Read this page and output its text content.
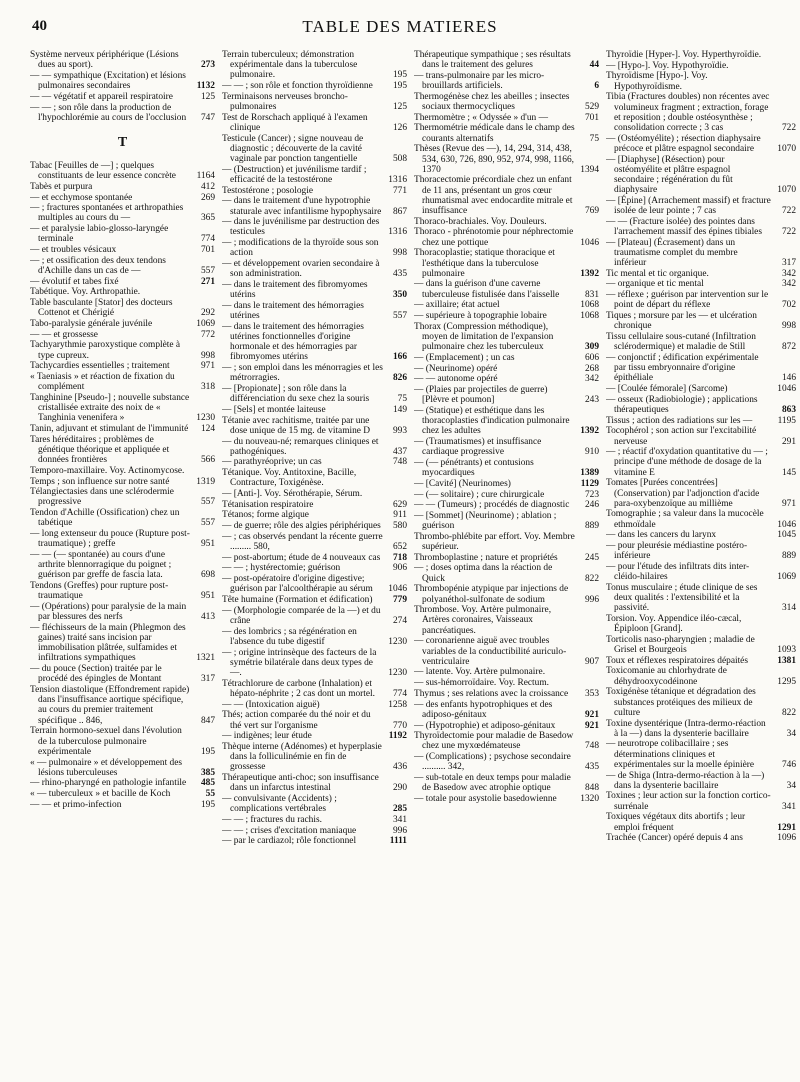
40	TABLE DES MATIERES
Système nerveux périphérique (Lésions dues au sport).	273
— — sympathique (Excitation) et lésions pulmonaires secondaires	1132
— — végétatif et appareil respiratoire	125
— — ; son rôle dans la production de l'hypochlorémie au cours de l'occlusion	747
T
Tabac [Feuilles de —] ; quelques constituants de leur essence concrète	1164
Tabès et purpura	412
— et ecchymose spontanée	269
— ; fractures spontanées et arthropathies multiples au cours du —	365
— et paralysie labio-glosso-laryngée terminale	774
— et troubles vésicaux	701
— ; et ossification des deux tendons d'Achille dans un cas de —	557
— évolutif et tabes fixé	271
Tabétique. Voy. Arthropathie.
Table basculante [Stator] des docteurs Cottenot et Chérigié	292
Tabo-paralysie générale juvénile	1069
— — et grossesse	772
Tachyarythmie paroxystique complète à type cupreux.	998
Tachycardies essentielles ; traitement	971
« Taeniasis » et réaction de fixation du complément	318
Tanghinine [Pseudo-] ; nouvelle substance cristallisée extraite des noix de « Tanghinia venenifera »	1230
Tanin, adjuvant et stimulant de l'immunité 124
Tares héréditaires ; problèmes de génétique théorique et appliquée et données frontières	566
Temporo-maxillaire. Voy. Actinomycose.
Temps ; son influence sur notre santé	1319
Télangiectasies dans une sclérodermie progressive	557
Tendon d'Achille (Ossification) chez un tabétique	557
— long extenseur du pouce (Rupture post-traumatique) ; greffe	951
— — (— spontanée) au cours d'une arthrite blennorragique du poignet ; guérison par greffe de fascia lata.	698
Tendons (Greffes) pour rupture post-traumatique	951
— (Opérations) pour paralysie de la main par blessures des nerfs	413
— fléchisseurs de la main (Phlegmon des gaines) traité sans incision par immobilisation plâtrée, sulfamides et infiltrations sympathiques	1321
— du pouce (Section) traitée par le procédé des épingles de Montant	317
Tension diastolique (Effondrement rapide) dans l'insuffisance aortique spécifique, au cours du premier traitement spécifique .. 846,	847
Terrain hormono-sexuel dans l'évolution de la tuberculose pulmonaire expérimentale	195
« — pulmonaire » et développement des lésions tuberculeuses	385
— rhino-pharyngé en pathologie infantile	485
« — tuberculeux » et bacille de Koch	55
— — et primo-infection	195
Terrain tuberculeux; démonstration expérimentale dans la tuberculose pulmonaire.	195
— — ; son rôle et fonction thyroïdienne	195
Terminaisons nerveuses broncho-pulmonaires	125
Test de Rorschach appliqué à l'examen clinique	126
Testicule (Cancer) ; signe nouveau de diagnostic ; découverte de la cavité vaginale par ponction tangentielle	508
— (Destruction) et juvénilisme tardif ; efficacité de la testostérone	1316
Testostérone ; posologie	771
— dans le traitement d'une hypotrophie staturale avec infantilisme hypophysaire 867
— dans le juvénilisme par destruction des testicules	1316
— ; modifications de la thyroïde sous son action	998
— et développement ovarien secondaire à son administration.	435
— dans le traitement des fibromyomes utérins	350
— dans le traitement des hémorragies utérines	557
— dans le traitement des hémorragies utérines fonctionnelles d'origine hormonale et des hémorragies par fibromyomes utérins	166
— ; son emploi dans les ménorragies et les métrorragies.	826
— [Propionate] ; son rôle dans la différenciation du sexe chez la souris	75
— [Sels] et montée laiteuse	149
Tétanie avec rachitisme, traitée par une dose unique de 15 mg. de vitamine D	993
— du nouveau-né; remarques cliniques et pathogéniques.	437
— parathyréoprive; un cas	748
Tétanique. Voy. Antitoxine, Bacille, Contracture, Toxigénèse.
— [Anti-]. Voy. Sérothérapie, Sérum.
Tétanisation respiratoire	629
Tétanos; forme algique	911
— de guerre; rôle des algies périphériques 580
— ; cas observés pendant la récente guerre ......... 580,	652
— post-abortum; étude de 4 nouveaux cas 718
— — ; hystérectomie; guérison	906
— post-opératoire d'origine digestive; guérison par l'alcoolthérapie au sérum	1046
Tête humaine (Formation et édification)	779
— (Morphologie comparée de la —) et du crâne	274
— des lombrics ; sa régénération en l'absence du tube digestif	1230
— ; origine intrinsèque des facteurs de la symétrie bilatérale dans deux types de —.	1230
Tétrachlorure de carbone (Inhalation) et hépato-néphrite ; 2 cas dont un mortel.	774
— — (Intoxication aiguë)	1258
Thés; action comparée du thé noir et du thé vert sur l'organisme	770
— indigènes; leur étude	1192
Thèque interne (Adénomes) et hyperplasie dans la folliculinémie en fin de grossesse	436
Thérapeutique anti-choc; son insuffisance dans un infarctus intestinal	290
— convulsivante (Accidents) ; complications vertébrales	285
— — ; fractures du rachis.	341
— — ; crises d'excitation maniaque	996
— par le cardiazol; rôle fonctionnel	1111
Thérapeutique sympathique ; ses résultats dans le traitement des gelures	44
— trans-pulmonaire par les micro-brouillards artificiels.	6
Thermogénèse chez les abeilles ; insectes sociaux thermocycliques	529
Thermomètre ; « Odyssée » d'un —	701
Thermométrie médicale dans le champ des courants alternatifs	75
Thèses (Revue des —), 14, 294, 314, 438, 534, 630, 726, 890, 952, 974, 998, 1166, 1370	1394
Thoracectomie précordiale chez un enfant de 11 ans, présentant un gros cœur rhumatismal avec endocardite mitrale et insuffisance	769
Thoraco-brachiales. Voy. Douleurs.
Thoraco - phrénotomie pour néphrectomie chez une pottique	1046
Thoracoplastie; statique thoracique et l'esthétique dans la tuberculose pulmonaire	1392
— dans la guérison d'une caverne tuberculeuse fistulisée dans l'aisselle	831
— axillaire; état actuel	1068
— supérieure à topographie lobaire	1068
Thorax (Compression méthodique), moyen de limitation de l'expansion pulmonaire chez les tuberculeux	309
— (Emplacement) ; un cas	606
— (Neurinome) opéré	268
— — autonome opéré	342
— (Plaies par projectiles de guerre) [Plèvre et poumon]	243
— (Statique) et esthétique dans les thoracoplasties d'indication pulmonaire chez les adultes	1392
— (Traumatismes) et insuffisance cardiaque progressive	910
— (— pénétrants) et contusions myocardiques	1389
— [Cavité] (Neurinomes)	1129
— (— solitaire) ; cure chirurgicale	723
— — (Tumeurs) ; procédés de diagnostic	246
— [Sommet] (Neurinome) ; ablation ; guérison	889
Thrombo-phlébite par effort. Voy. Membre supérieur.
Thromboplastine ; nature et propriétés	245
— ; doses optima dans la réaction de Quick	822
Thrombopénie atypique par injections de polyanéthol-sulfonate de sodium	996
Thrombose. Voy. Artère pulmonaire, Artères coronaires, Vaisseaux pancréatiques.
— coronarienne aiguë avec troubles variables de la conductibilité auriculo-ventriculaire	907
— latente. Voy. Artère pulmonaire.
— sus-hémorroïdaire. Voy. Rectum.
Thymus ; ses relations avec la croissance	353
— des enfants hypotrophiques et des adiposo-génitaux	921
— (Hypotrophie) et adiposo-génitaux	921
Thyroïdectomie pour maladie de Basedow chez une myxœdémateuse	748
— (Complications) ; psychose secondaire .......... 342,	435
— sub-totale en deux temps pour maladie de Basedow avec atrophie optique	848
— totale pour asystolie basedowienne	1320
Thyroïdie [Hyper-]. Voy. Hyperthyroïdie.
— [Hypo-]. Voy. Hypothyroïdie.
Thyroïdisme [Hypo-]. Voy. Hypothyroïdisme.
Tibia (Fractures doubles) non récentes avec volumineux fragment ; extraction, forage et reposition ; double ostéosynthèse ; consolidation correcte ; 3 cas	722
— (Ostéomyélite) ; résection diaphysaire précoce et plâtre espagnol secondaire	1070
— [Diaphyse] (Résection) pour ostéomyélite et plâtre espagnol secondaire ; régénération du fût diaphysaire	1070
— [Épine] (Arrachement massif) et fracture isolée de leur pointe ; 7 cas	722
— — (Fracture isolée) des pointes dans l'arrachement massif des épines tibiales	722
— [Plateau] (Écrasement) dans un traumatisme complet du membre inférieur	317
Tic mental et tic organique.	342
— organique et tic mental	342
— réflexe ; guérison par intervention sur le point de départ du réflexe	702
Tiques ; morsure par les — et ulcération chronique	998
Tissu cellulaire sous-cutané (Infiltration sclérodermique) et maladie de Still	872
— conjonctif ; édification expérimentale par tissu embryonnaire d'origine épithéliale	146
— [Coulée fémorale] (Sarcome)	1046
— osseux (Radiobiologie) ; applications thérapeutiques	863
Tissus ; action des radiations sur les —	1195
Tocophérol ; son action sur l'excitabilité nerveuse	291
— ; réactif d'oxydation quantitative du — ; principe d'une méthode de dosage de la vitamine E	145
Tomates [Purées concentrées] (Conservation) par l'adjonction d'acide para-oxybenzoïque au millième	971
Tomographie ; sa valeur dans la mucocèle ethmoïdale	1046
— dans les cancers du larynx	1045
— pour pleurésie médiastine postéro-inférieure	889
— pour l'étude des infiltrats dits inter-cléido-hilaires	1069
Tonus musculaire ; étude clinique de ses deux qualités : l'extensibilité et la passivité.	314
Torsion. Voy. Appendice iléo-cæcal, Épiploon [Grand].
Torticolis naso-pharyngien ; maladie de Grisel et Bourgeois	1093
Toux et réflexes respiratoires dépaités	1381
Toxicomanie au chlorhydrate de déhydrooxycodéinone	1295
Toxigénèse tétanique et dégradation des substances protéiques des milieux de culture	822
Toxine dysentérique (Intra-dermo-réaction à la —) dans la dysenterie bacillaire	34
— neurotrope colibacillaire ; ses déterminations cliniques et expérimentales sur la moelle épinière	746
— de Shiga (Intra-dermo-réaction à la —) dans la dysenterie bacillaire	34
Toxines ; leur action sur la fonction cortico-surrénale	341
Toxiques végétaux dits abortifs ; leur emploi fréquent	1291
Trachée (Cancer) opéré depuis 4 ans	1096
